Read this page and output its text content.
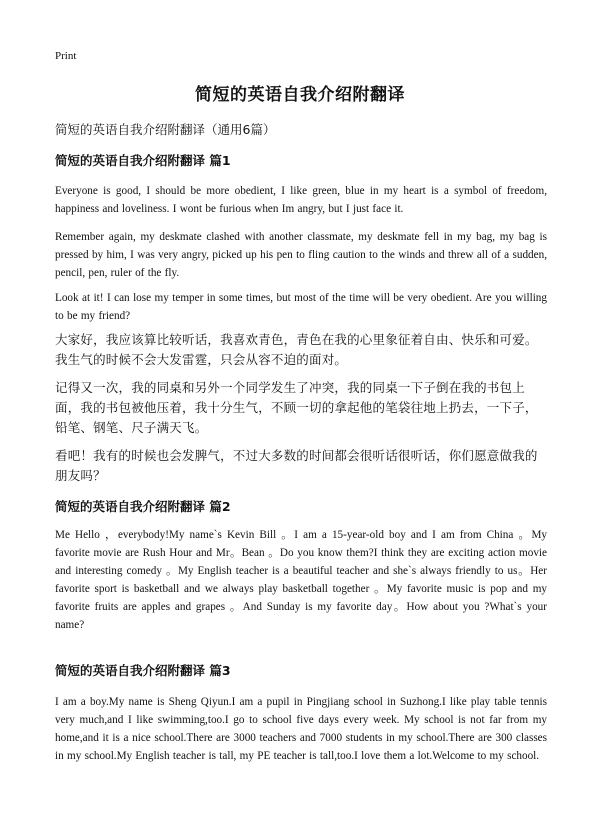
Print
简短的英语自我介绍附翻译
简短的英语自我介绍附翻译（通用6篇）
简短的英语自我介绍附翻译 篇1
Everyone is good, I should be more obedient, I like green, blue in my heart is a symbol of freedom, happiness and loveliness. I wont be furious when Im angry, but I just face it.
Remember again, my deskmate clashed with another classmate, my deskmate fell in my bag, my bag is pressed by him, I was very angry, picked up his pen to fling caution to the winds and threw all of a sudden, pencil, pen, ruler of the fly.
Look at it! I can lose my temper in some times, but most of the time will be very obedient. Are you willing to be my friend?
大家好，我应该算比较听话，我喜欢青色，青色在我的心里象征着自由、快乐和可爱。我生气的时候不会大发雷霆，只会从容不迫的面对。
记得又一次，我的同桌和另外一个同学发生了冲突，我的同桌一下子倒在我的书包上面，我的书包被他压着，我十分生气，不顾一切的拿起他的笔袋往地上扔去，一下子，铅笔、钢笔、尺子满天飞。
看吧！我有的时候也会发脾气，不过大多数的时间都会很听话很听话，你们愿意做我的朋友吗？
简短的英语自我介绍附翻译 篇2
Me Hello ，everybody!My name`s Kevin Bill 。I am a 15-year-old boy and I am from China 。My favorite movie are Rush Hour and Mr。Bean 。Do you know them?I think they are exciting action movie and interesting comedy 。My English teacher is a beautiful teacher and she`s always friendly to us。Her favorite sport is basketball and we always play basketball together 。My favorite music is pop and my favorite fruits are apples and grapes 。And Sunday is my favorite day。How about you ?What`s your name?
简短的英语自我介绍附翻译 篇3
I am a boy.My name is Sheng Qiyun.I am a pupil in Pingjiang school in Suzhong.I like play table tennis very much,and I like swimming,too.I go to school five days every week. My school is not far from my home,and it is a nice school.There are 3000 teachers and 7000 students in my school.There are 300 classes in my school.My English teacher is tall, my PE teacher is tall,too.I love them a lot.Welcome to my school.
